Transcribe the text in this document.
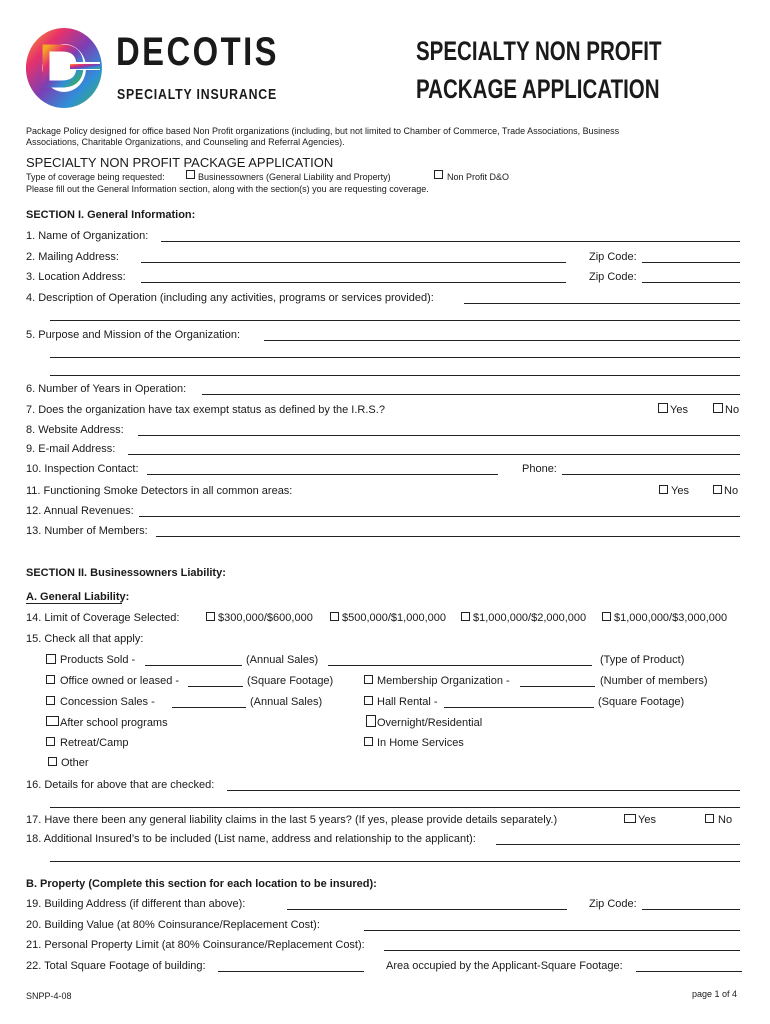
DECOTIS
SPECIALTY INSURANCE
SPECIALTY NON PROFIT
PACKAGE APPLICATION
Package Policy designed for office based Non Profit organizations (including, but not limited to Chamber of Commerce, Trade Associations, Business
Associations, Charitable Organizations, and Counseling and Referral Agencies).
SPECIALTY NON PROFIT PACKAGE APPLICATION
Type of coverage being requested:	Businessowners (General Liability and Property)	Non Profit D&O
Please fill out the General Information section, along with the section(s) you are requesting coverage.
SECTION I. General Information:
1. Name of Organization:
2. Mailing Address:	Zip Code:
3. Location Address:	Zip Code:
4. Description of Operation (including any activities, programs or services provided):
5. Purpose and Mission of the Organization:
6. Number of Years in Operation:
7. Does the organization have tax exempt status as defined by the I.R.S.?	Yes	No
8. Website Address:
9. E-mail Address:
10. Inspection Contact:	Phone:
11. Functioning Smoke Detectors in all common areas:	Yes	No
12. Annual Revenues:
13. Number of Members:
SECTION II. Businessowners Liability:
A. General Liability:
14. Limit of Coverage Selected:	$300,000/$600,000	$500,000/$1,000,000 $1,000,000/$2,000,000	$1,000,000/$3,000,000
15. Check all that apply:
Products Sold -	(Annual Sales)	(Type of Product)
Office owned or leased -	(Square Footage)	Membership Organization -	(Number of members)
Concession Sales -	(Annual Sales)	Hall Rental -	(Square Footage)
After school programs	Overnight/Residential
Retreat/Camp	In Home Services
Other
16. Details for above that are checked:
17. Have there been any general liability claims in the last 5 years? (If yes, please provide details separately.)	Yes	No
18. Additional Insured’s to be included (List name, address and relationship to the applicant):
B. Property (Complete this section for each location to be insured):
19. Building Address (if different than above):	Zip Code:
20. Building Value (at 80% Coinsurance/Replacement Cost):
21. Personal Property Limit (at 80% Coinsurance/Replacement Cost):
22. Total Square Footage of building:	Area occupied by the Applicant-Square Footage:
SNPP-4-08	page 1 of 4
